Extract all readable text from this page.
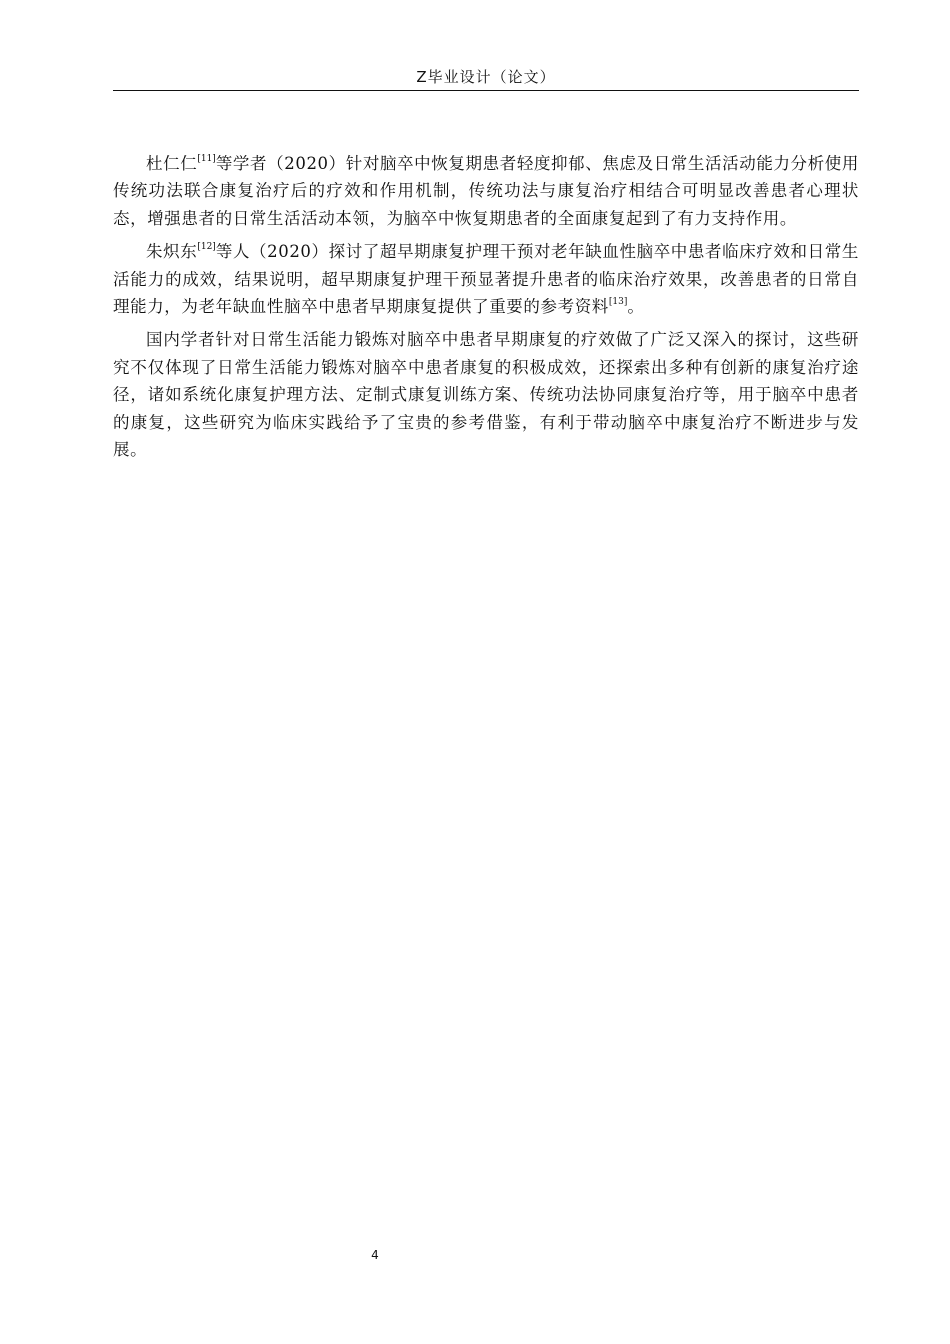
Z毕业设计（论文）

杜仁仁[11]等学者（2020）针对脑卒中恢复期患者轻度抑郁、焦虑及日常生活活动能力分析使用传统功法联合康复治疗后的疗效和作用机制，传统功法与康复治疗相结合可明显改善患者心理状态，增强患者的日常生活活动本领，为脑卒中恢复期患者的全面康复起到了有力支持作用。

朱炽东[12]等人（2020）探讨了超早期康复护理干预对老年缺血性脑卒中患者临床疗效和日常生活能力的成效，结果说明，超早期康复护理干预显著提升患者的临床治疗效果，改善患者的日常自理能力，为老年缺血性脑卒中患者早期康复提供了重要的参考资料[13]。

国内学者针对日常生活能力锻炼对脑卒中患者早期康复的疗效做了广泛又深入的探讨，这些研究不仅体现了日常生活能力锻炼对脑卒中患者康复的积极成效，还探索出多种有创新的康复治疗途径，诸如系统化康复护理方法、定制式康复训练方案、传统功法协同康复治疗等，用于脑卒中患者的康复，这些研究为临床实践给予了宝贵的参考借鉴，有利于带动脑卒中康复治疗不断进步与发展。

4
